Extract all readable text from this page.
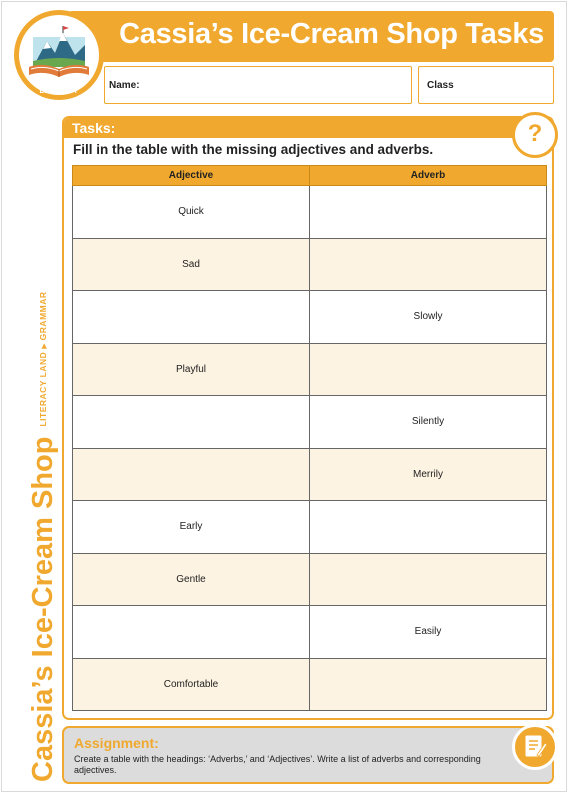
Cassia’s Ice-Cream Shop Tasks
LITERACY
Name:	Class
Cassia’s Ice-Cream Shop$^{LITERACY LAND▶GRAMMAR}$
Tasks:	?
Fill in the table with the missing adjectives and adverbs.
Adjective	Adverb
Quick	
Sad	
	Slowly
Playful	
	Silently
	Merrily
Early	
Gentle	
	Easily
Comfortable	
Assignment:
Create a table with the headings: ‘Adverbs,’ and ‘Adjectives’. Write a list of adverbs and corresponding adjectives.
